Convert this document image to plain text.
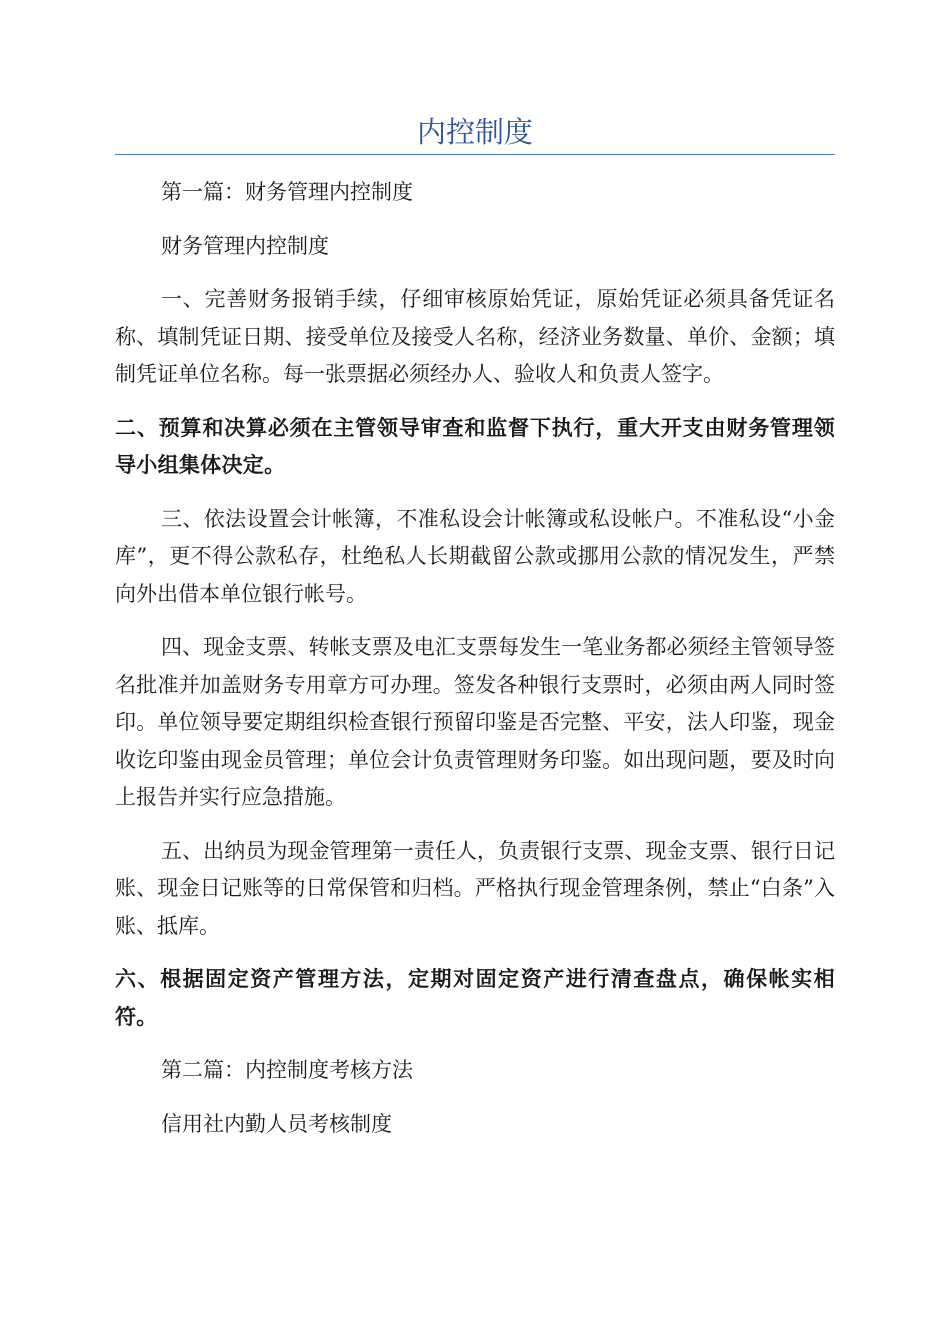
内控制度

第一篇：财务管理内控制度

财务管理内控制度

一、完善财务报销手续，仔细审核原始凭证，原始凭证必须具备凭证名称、填制凭证日期、接受单位及接受人名称，经济业务数量、单价、金额；填制凭证单位名称。每一张票据必须经办人、验收人和负责人签字。

二、预算和决算必须在主管领导审查和监督下执行，重大开支由财务管理领导小组集体决定。

三、依法设置会计帐簿，不准私设会计帐簿或私设帐户。不准私设“小金库”，更不得公款私存，杜绝私人长期截留公款或挪用公款的情况发生，严禁向外出借本单位银行帐号。

四、现金支票、转帐支票及电汇支票每发生一笔业务都必须经主管领导签名批准并加盖财务专用章方可办理。签发各种银行支票时，必须由两人同时签印。单位领导要定期组织检查银行预留印鉴是否完整、平安，法人印鉴，现金收讫印鉴由现金员管理；单位会计负责管理财务印鉴。如出现问题，要及时向上报告并实行应急措施。

五、出纳员为现金管理第一责任人，负责银行支票、现金支票、银行日记账、现金日记账等的日常保管和归档。严格执行现金管理条例，禁止“白条”入账、抵库。

六、根据固定资产管理方法，定期对固定资产进行清查盘点，确保帐实相符。

第二篇：内控制度考核方法

信用社内勤人员考核制度
